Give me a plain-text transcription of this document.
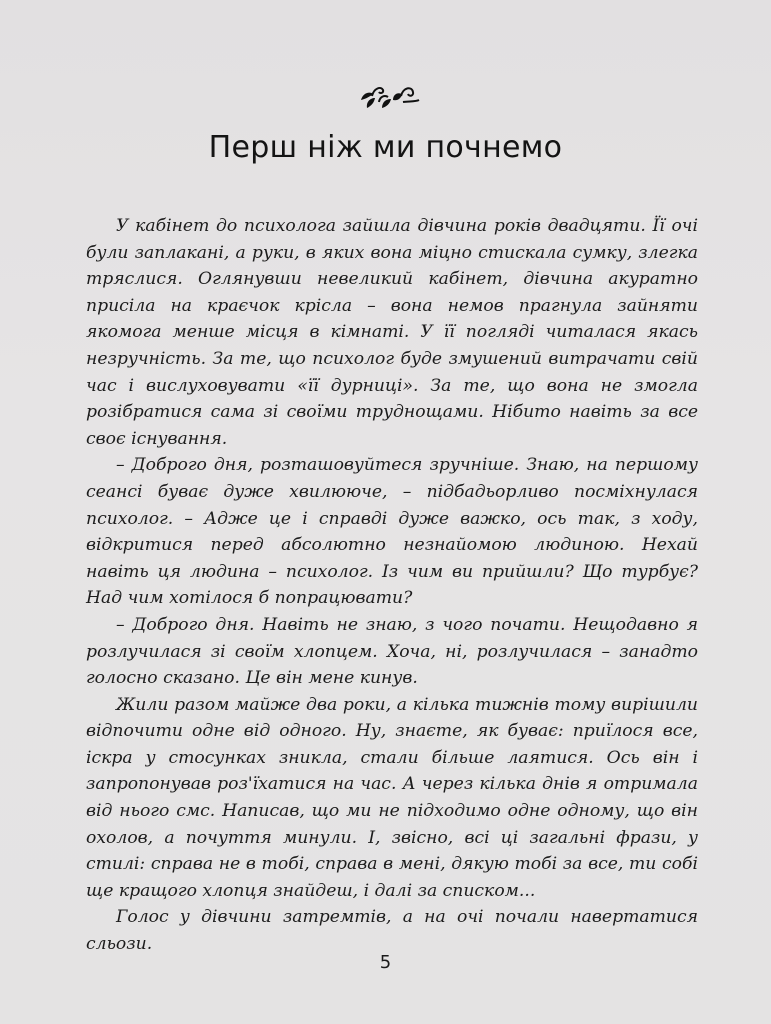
Перш ніж ми почнемо

У кабінет до психолога зайшла дівчина років двадцяти. Її очі були заплакані, а руки, в яких вона міцно стискала сумку, злегка тряслися. Оглянувши невеликий кабінет, дівчина акуратно присіла на краєчок крісла – вона немов прагнула зайняти якомога менше місця в кімнаті. У її погляді читалася якась незручність. За те, що психолог буде змушений витрачати свій час і вислуховувати «її дурниці». За те, що вона не змогла розібратися сама зі своїми труднощами. Нібито навіть за все своє існування.

– Доброго дня, розташовуйтеся зручніше. Знаю, на першому сеансі буває дуже хвилююче, – підбадьорливо посміхнулася психолог. – Адже це і справді дуже важко, ось так, з ходу, відкритися перед абсолютно незнайомою людиною. Нехай навіть ця людина – психолог. Із чим ви прийшли? Що турбує? Над чим хотілося б попрацювати?

– Доброго дня. Навіть не знаю, з чого почати. Нещодавно я розлучилася зі своїм хлопцем. Хоча, ні, розлучилася – занадто голосно сказано. Це він мене кинув.

Жили разом майже два роки, а кілька тижнів тому вирішили відпочити одне від одного. Ну, знаєте, як буває: приїлося все, іскра у стосунках зникла, стали більше лаятися. Ось він і запропонував роз'їхатися на час. А через кілька днів я отримала від нього смс. Написав, що ми не підходимо одне одному, що він охолов, а почуття минули. І, звісно, всі ці загальні фрази, у стилі: справа не в тобі, справа в мені, дякую тобі за все, ти собі ще кращого хлопця знайдеш, і далі за списком...

Голос у дівчини затремтів, а на очі почали навертатися сльози.

5
